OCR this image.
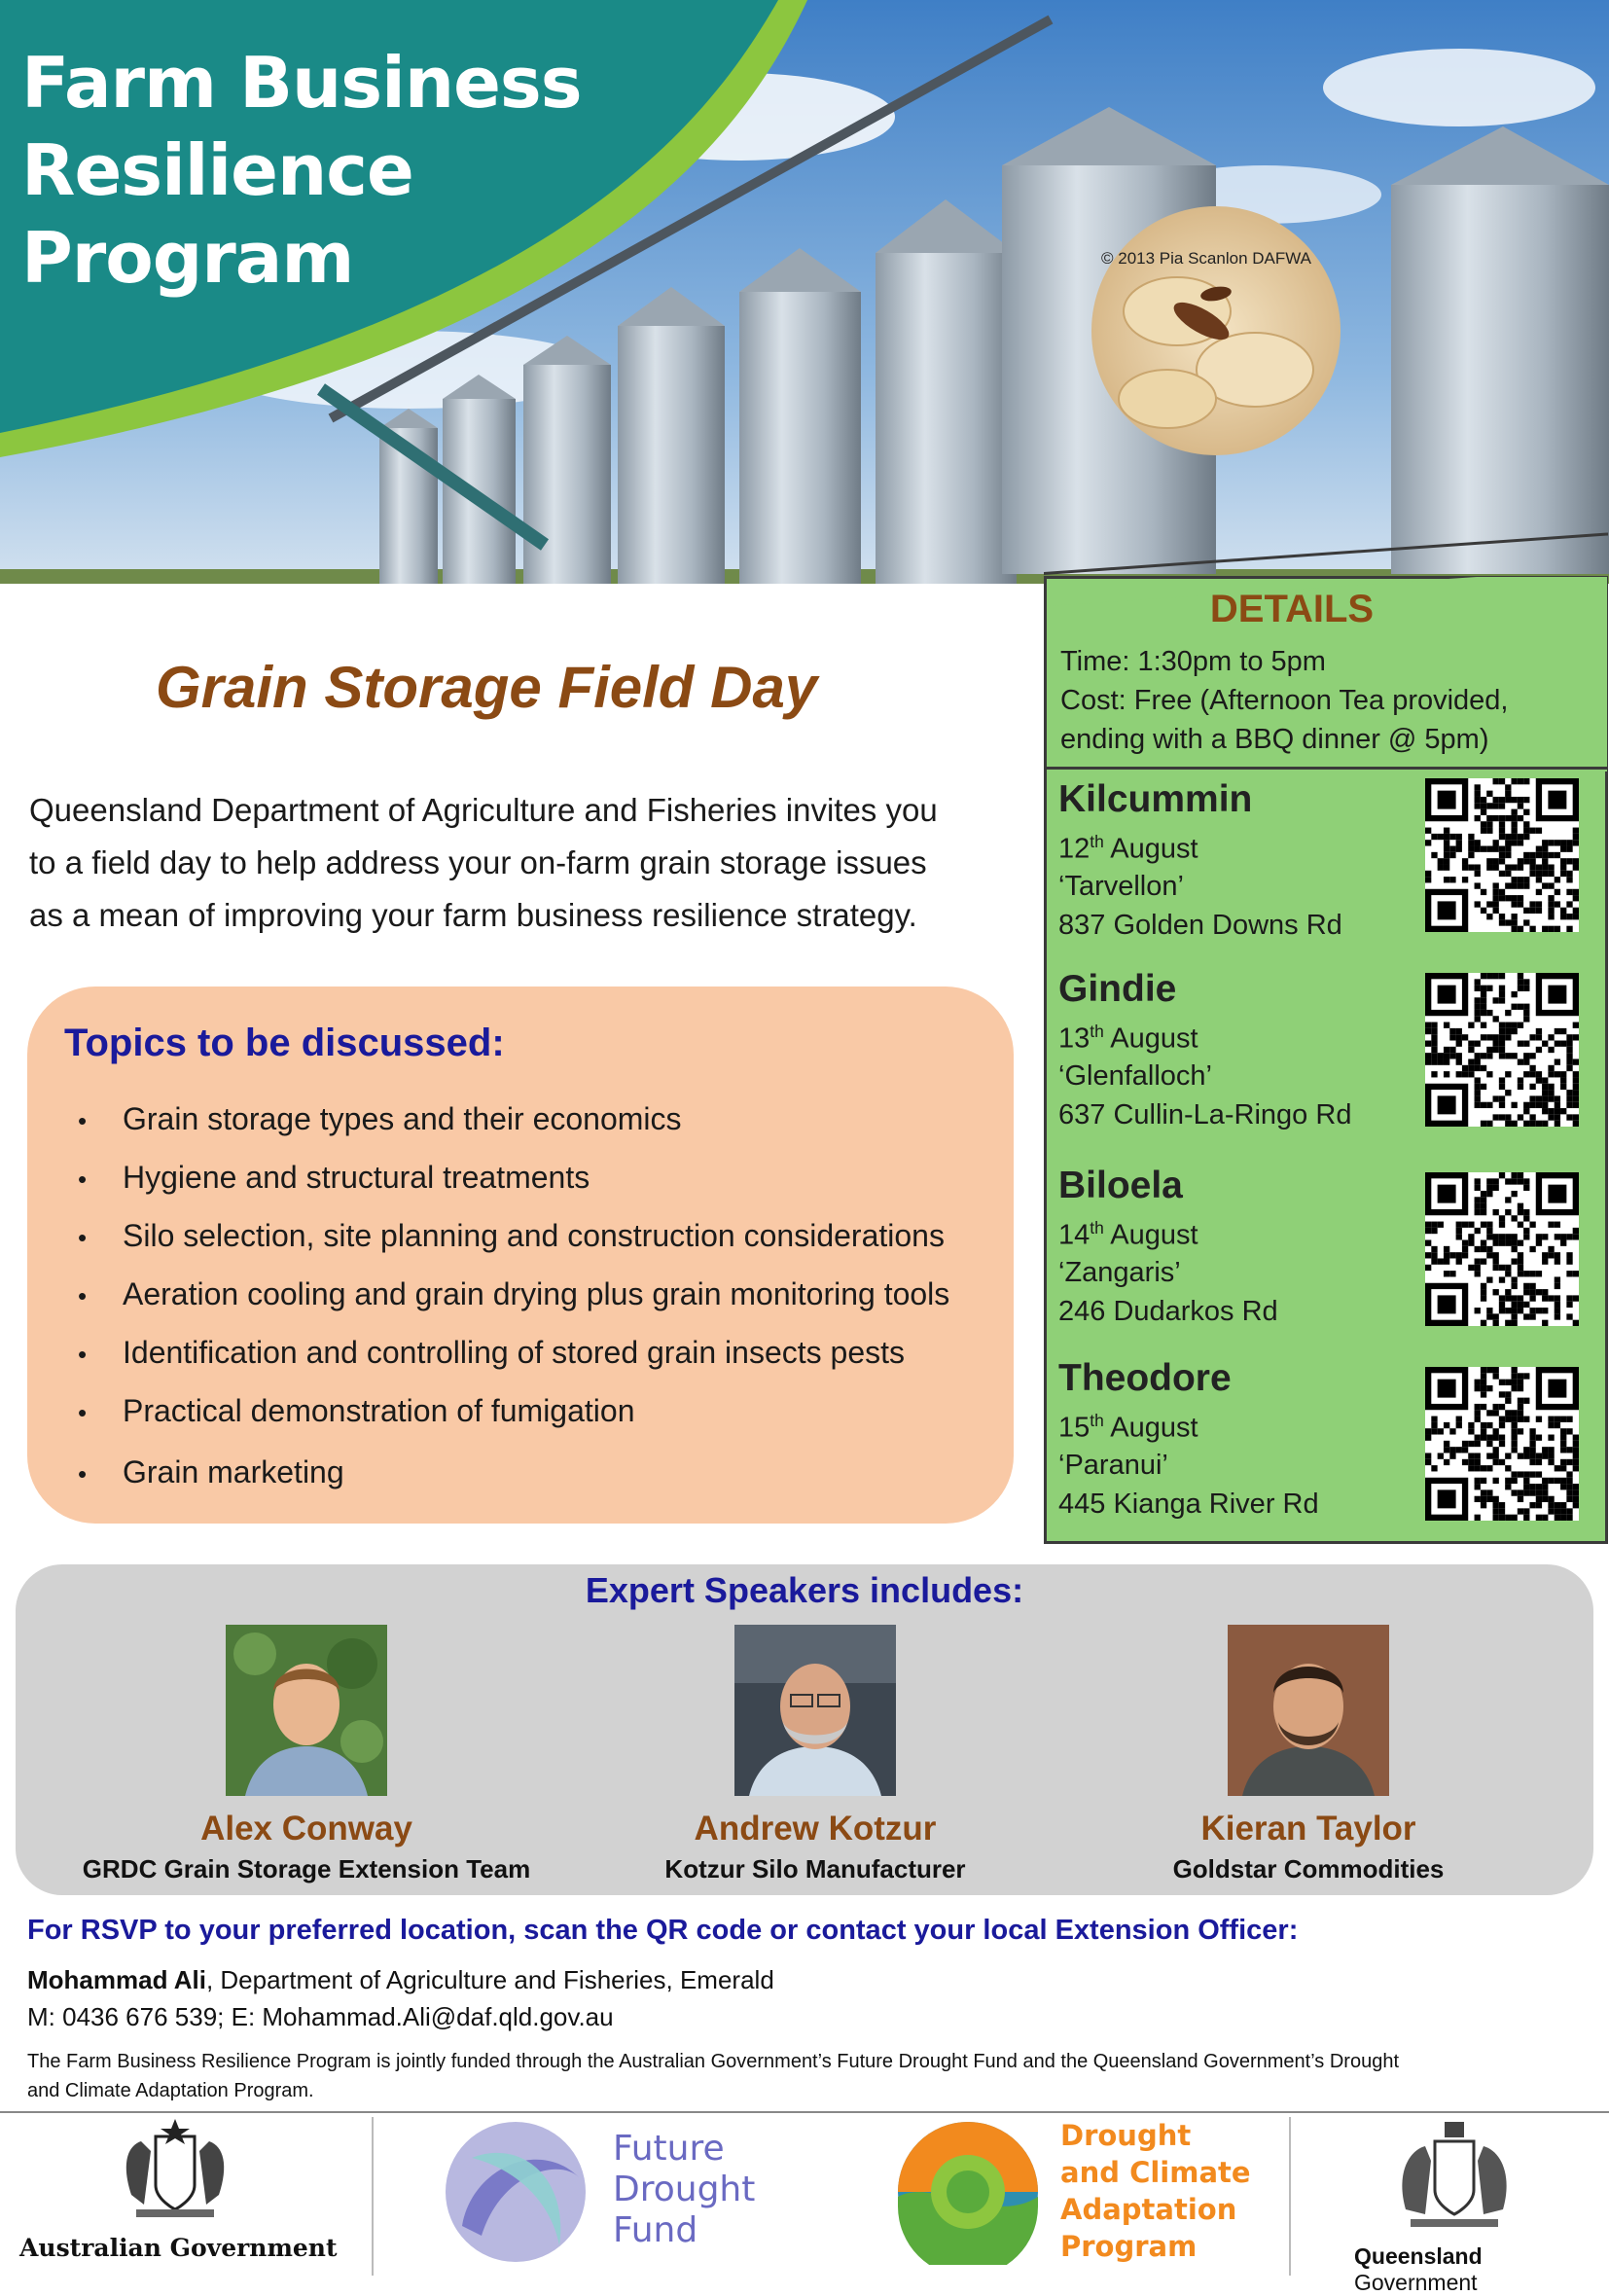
Farm Business
Resilience
Program	© 2013 Pia Scanlon DAFWA
Grain Storage Field Day
Queensland Department of Agriculture and Fisheries invites you
to a field day to help address your on-farm grain storage issues
as a mean of improving your farm business resilience strategy.
Topics to be discussed:
• Grain storage types and their economics
• Hygiene and structural treatments
• Silo selection, site planning and construction considerations
• Aeration cooling and grain drying plus grain monitoring tools
• Identification and controlling of stored grain insects pests
• Practical demonstration of fumigation
• Grain marketing
DETAILS
Time: 1:30pm to 5pm
Cost: Free (Afternoon Tea provided,
ending with a BBQ dinner @ 5pm)
Kilcummin
12th August
‘Tarvellon’
837 Golden Downs Rd
Gindie
13th August
‘Glenfalloch’
637 Cullin-La-Ringo Rd
Biloela
14th August
‘Zangaris’
246 Dudarkos Rd
Theodore
15th August
‘Paranui’
445 Kianga River Rd
Expert Speakers includes:
Alex Conway
GRDC Grain Storage Extension Team
Andrew Kotzur
Kotzur Silo Manufacturer
Kieran Taylor
Goldstar Commodities
For RSVP to your preferred location, scan the QR code or contact your local Extension Officer:
Mohammad Ali, Department of Agriculture and Fisheries, Emerald
M: 0436 676 539; E: Mohammad.Ali@daf.qld.gov.au
The Farm Business Resilience Program is jointly funded through the Australian Government’s Future Drought Fund and the Queensland Government’s Drought
and Climate Adaptation Program.
Australian Government
Future
Drought
Fund
Drought
and Climate
Adaptation
Program	Queensland Government
